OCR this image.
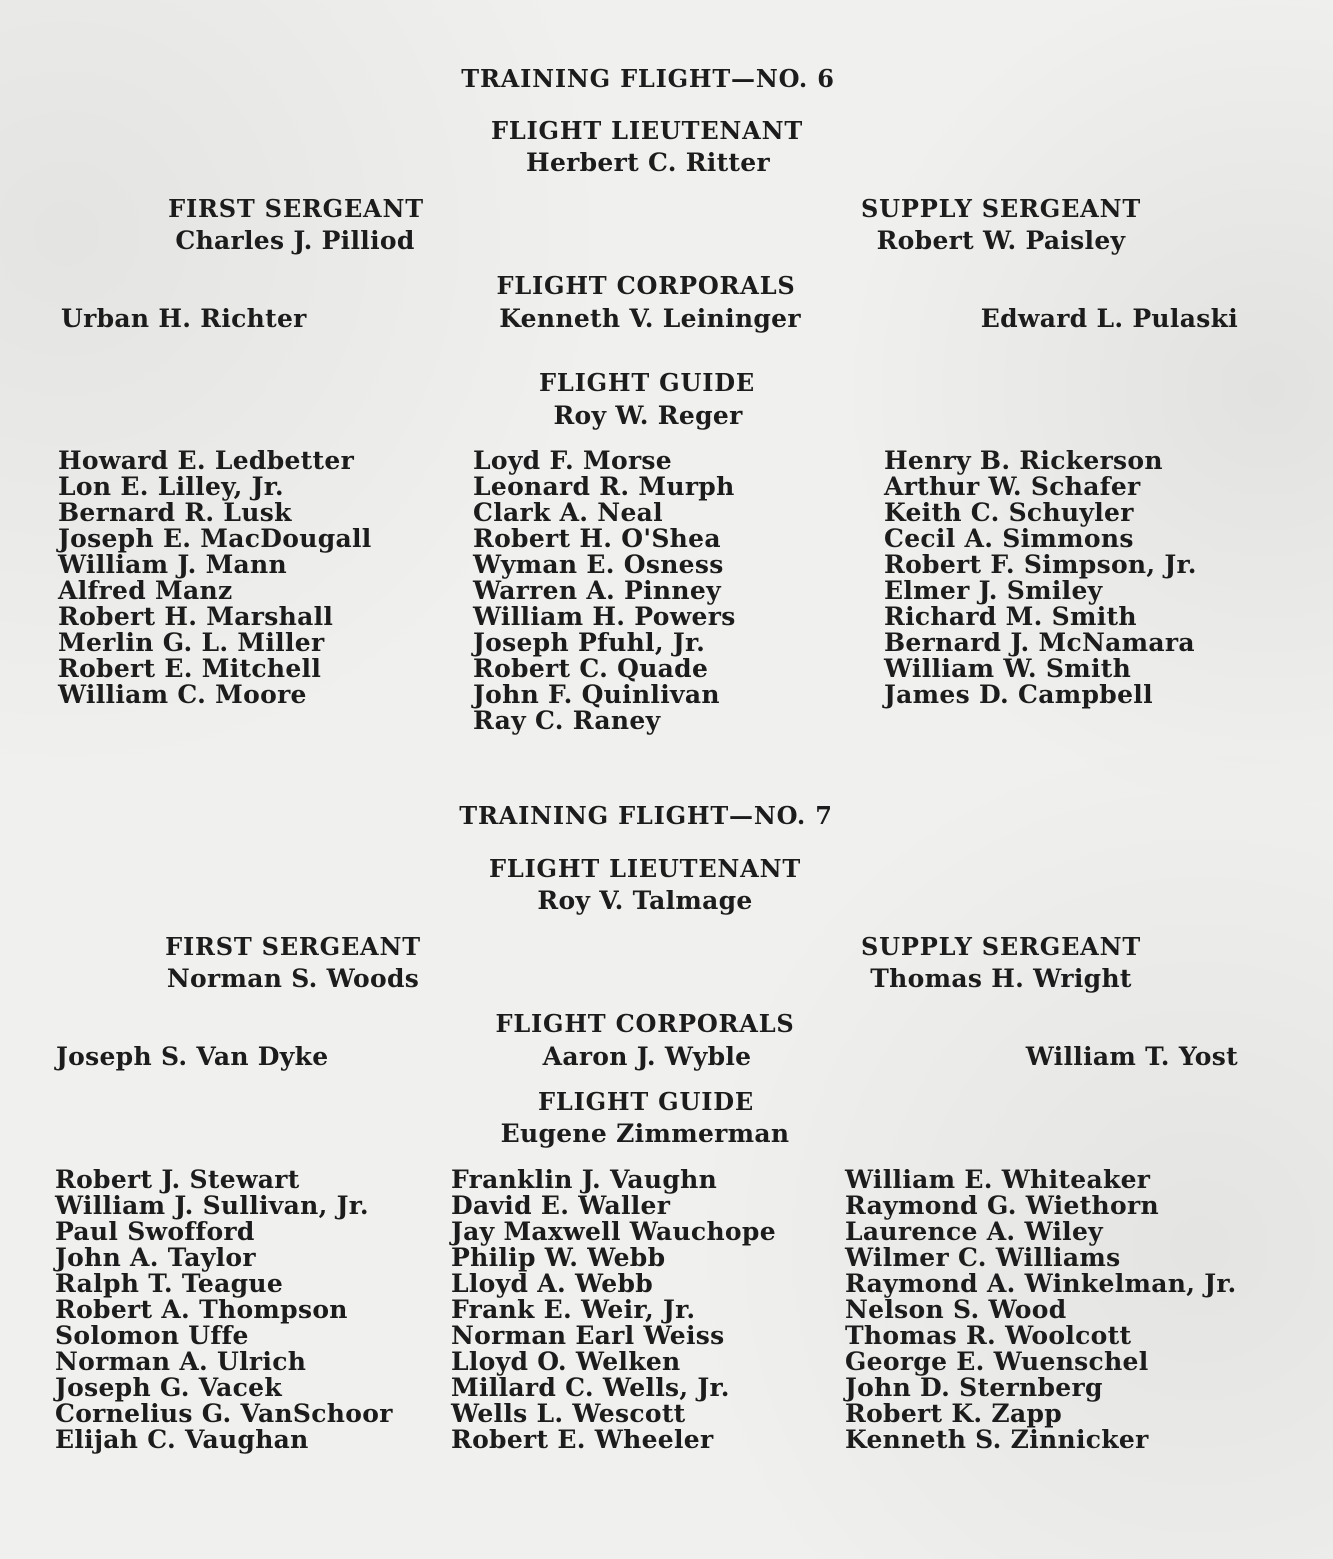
TRAINING FLIGHT—NO. 6
FLIGHT LIEUTENANT
Herbert C. Ritter
FIRST SERGEANT
Charles J. Pilliod
SUPPLY SERGEANT
Robert W. Paisley
FLIGHT CORPORALS
Urban H. Richter	Kenneth V. Leininger	Edward L. Pulaski
FLIGHT GUIDE
Roy W. Reger
Howard E. Ledbetter
Lon E. Lilley, Jr.
Bernard R. Lusk
Joseph E. MacDougall
William J. Mann
Alfred Manz
Robert H. Marshall
Merlin G. L. Miller
Robert E. Mitchell
William C. Moore
Loyd F. Morse
Leonard R. Murph
Clark A. Neal
Robert H. O'Shea
Wyman E. Osness
Warren A. Pinney
William H. Powers
Joseph Pfuhl, Jr.
Robert C. Quade
John F. Quinlivan
Ray C. Raney
Henry B. Rickerson
Arthur W. Schafer
Keith C. Schuyler
Cecil A. Simmons
Robert F. Simpson, Jr.
Elmer J. Smiley
Richard M. Smith
Bernard J. McNamara
William W. Smith
James D. Campbell
TRAINING FLIGHT—NO. 7
FLIGHT LIEUTENANT
Roy V. Talmage
FIRST SERGEANT
Norman S. Woods
SUPPLY SERGEANT
Thomas H. Wright
FLIGHT CORPORALS
Joseph S. Van Dyke	Aaron J. Wyble	William T. Yost
FLIGHT GUIDE
Eugene Zimmerman
Robert J. Stewart
William J. Sullivan, Jr.
Paul Swofford
John A. Taylor
Ralph T. Teague
Robert A. Thompson
Solomon Uffe
Norman A. Ulrich
Joseph G. Vacek
Cornelius G. VanSchoor
Elijah C. Vaughan
Franklin J. Vaughn
David E. Waller
Jay Maxwell Wauchope
Philip W. Webb
Lloyd A. Webb
Frank E. Weir, Jr.
Norman Earl Weiss
Lloyd O. Welken
Millard C. Wells, Jr.
Wells L. Wescott
Robert E. Wheeler
William E. Whiteaker
Raymond G. Wiethorn
Laurence A. Wiley
Wilmer C. Williams
Raymond A. Winkelman, Jr.
Nelson S. Wood
Thomas R. Woolcott
George E. Wuenschel
John D. Sternberg
Robert K. Zapp
Kenneth S. Zinnicker
